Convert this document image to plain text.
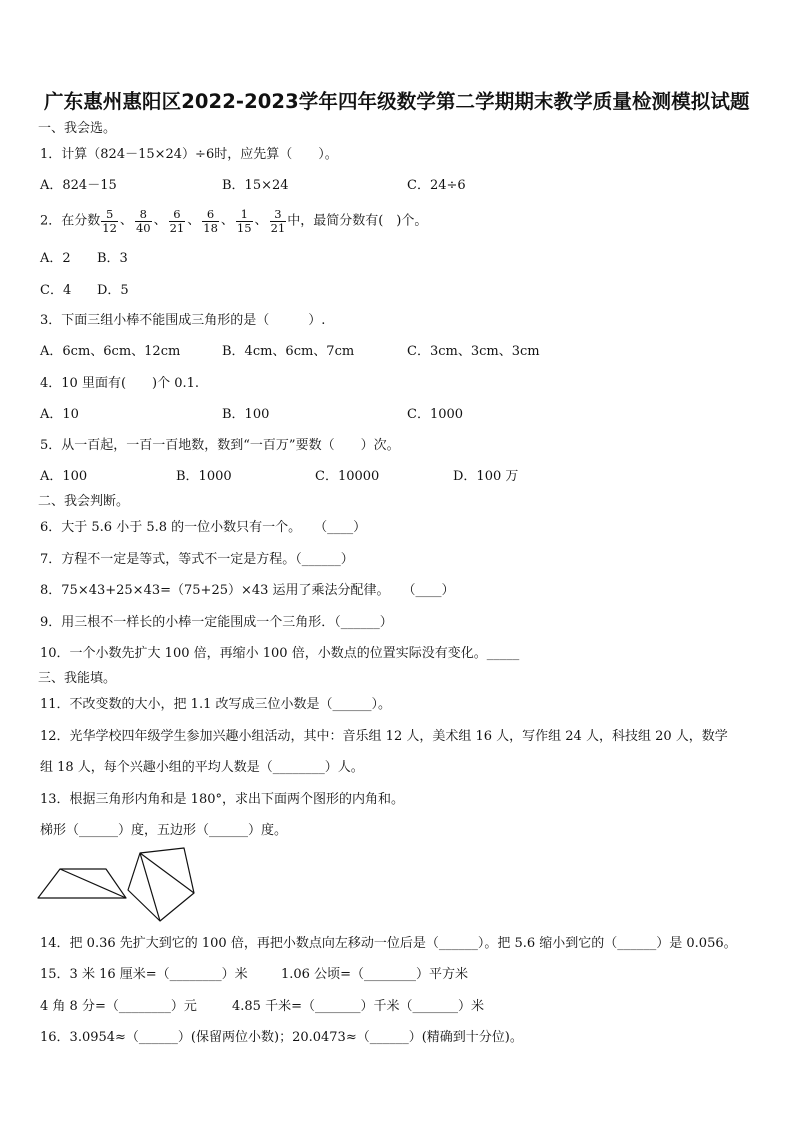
广东惠州惠阳区2022-2023学年四年级数学第二学期期末教学质量检测模拟试题
一、我会选。
1．计算（824－15×24）÷6时，应先算（　　）。
A．824－15	B．15×24	C．24÷6
2．在分数 $\frac{5}{12}$ 、 $\frac{8}{40}$ 、 $\frac{6}{21}$ 、 $\frac{6}{18}$ 、 $\frac{1}{15}$ 、 $\frac{3}{21}$ 中，最简分数有(　)个。
A．2 B．3
C．4 D．5
3．下面三组小棒不能围成三角形的是（　　　）.
A．6cm、6cm、12cm	B．4cm、6cm、7cm	C．3cm、3cm、3cm
4．10 里面有(　　)个 0.1.
A．10	B．100	C．1000
5．从一百起，一百一百地数，数到“一百万”要数（　　）次。
A．100	B．1000	C．10000	D．100 万
二、我会判断。
6．大于 5.6 小于 5.8 的一位小数只有一个。　　（____）
7．方程不一定是等式，等式不一定是方程。（______）
8．75×43+25×43=（75+25）×43 运用了乘法分配律。　　（____）
9．用三根不一样长的小棒一定能围成一个三角形．（______）
10．一个小数先扩大 100 倍，再缩小 100 倍，小数点的位置实际没有变化。_____
三、我能填。
11．不改变数的大小，把 1.1 改写成三位小数是（______）。
12．光华学校四年级学生参加兴趣小组活动，其中：音乐组 12 人，美术组 16 人，写作组 24 人，科技组 20 人，数学
组 18 人，每个兴趣小组的平均人数是（________）人。
13．根据三角形内角和是 180°，求出下面两个图形的内角和。
梯形（______）度，五边形（______）度。
14．把 0.36 先扩大到它的 100 倍，再把小数点向左移动一位后是（______）。把 5.6 缩小到它的（______）是 0.056。
15．3 米 16 厘米=（________）米	1.06 公顷=（________）平方米
4 角 8 分=（________）元	4.85 千米=（_______）千米（_______）米
16．3.0954≈（______）(保留两位小数)；20.0473≈（______）(精确到十分位)。
